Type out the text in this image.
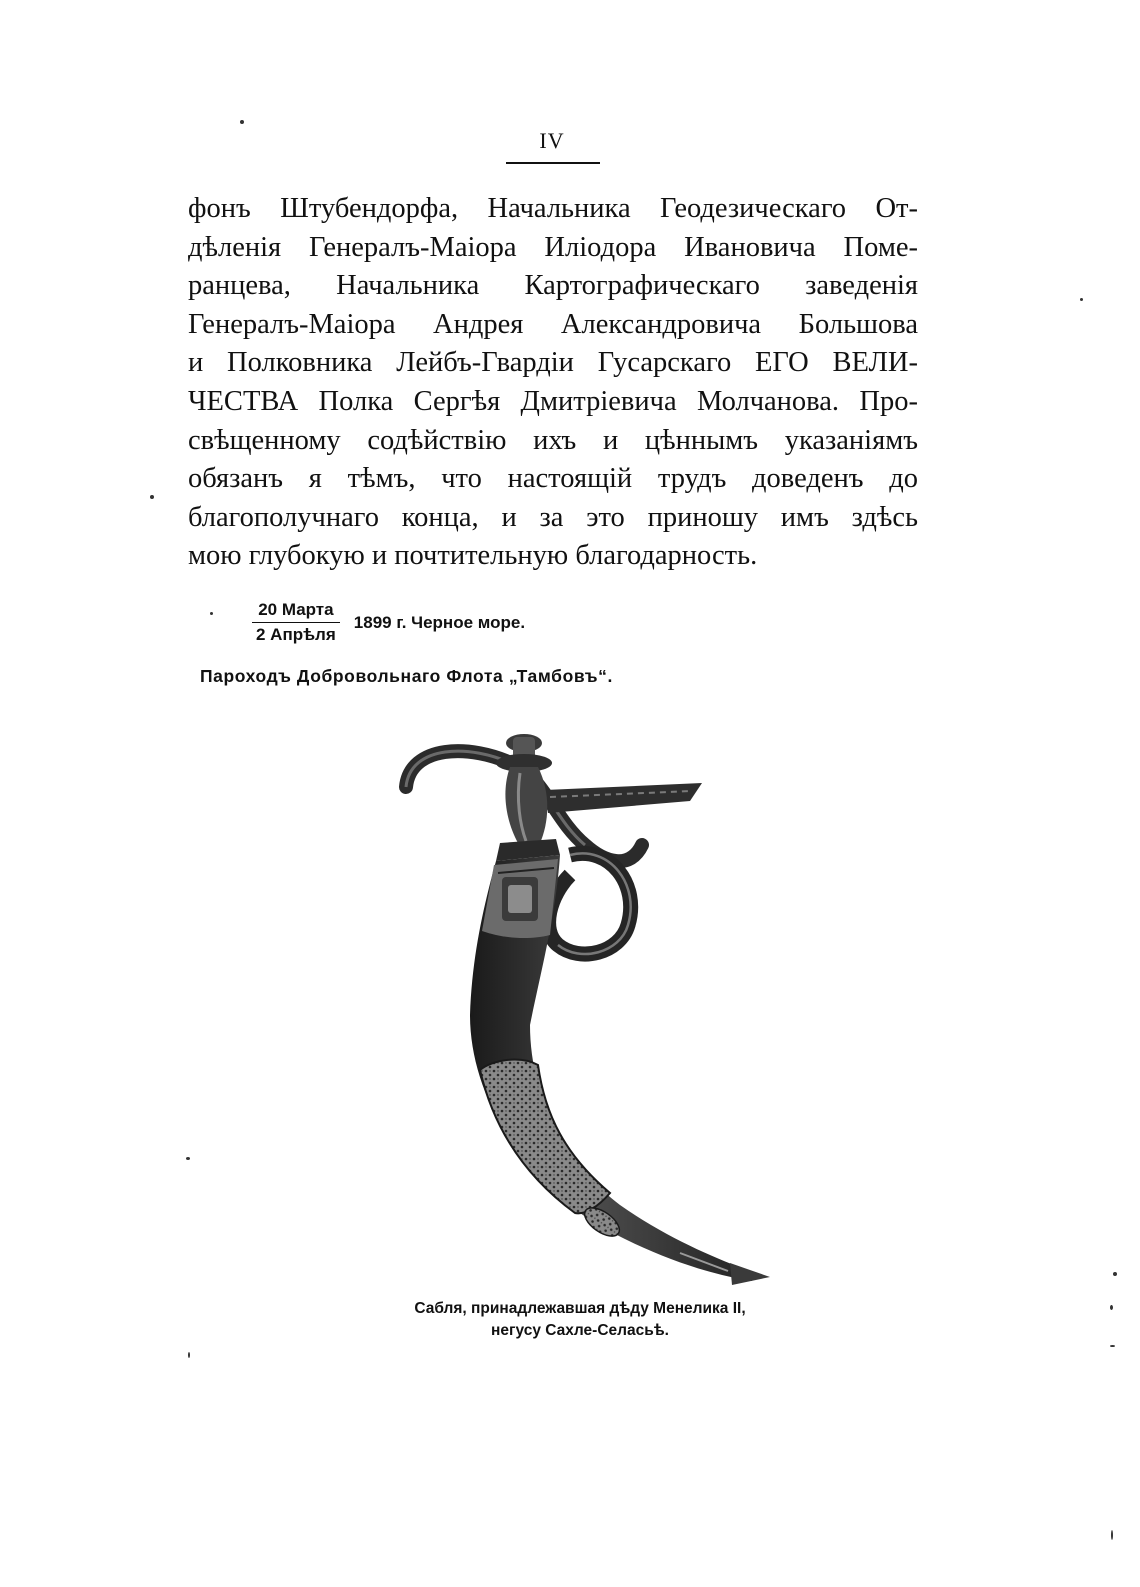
IV
фонъ Штубендорфа, Начальника Геодезическаго От-
дѣленія Генералъ-Маіора Иліодора Ивановича Поме-
ранцева, Начальника Картографическаго заведенія
Генералъ-Маіора Андрея Александровича Большова
и Полковника Лейбъ-Гвардіи Гусарскаго ЕГО ВЕЛИ-
ЧЕСТВА Полка Сергѣя Дмитріевича Молчанова. Про-
свѣщенному содѣйствію ихъ и цѣннымъ указаніямъ
обязанъ я тѣмъ, что настоящій трудъ доведенъ до
благополучнаго конца, и за это приношу имъ здѣсь
мою глубокую и почтительную благодарность.
$\frac{\text{20 Марта}}{\text{2 Апрѣля}} 1899$ г. Черное море.
Пароходъ Добровольнаго Флота „Тамбовъ“.
Сабля, принадлежавшая дѣду Менелика II,
негусу Сахле-Селасьѣ.
